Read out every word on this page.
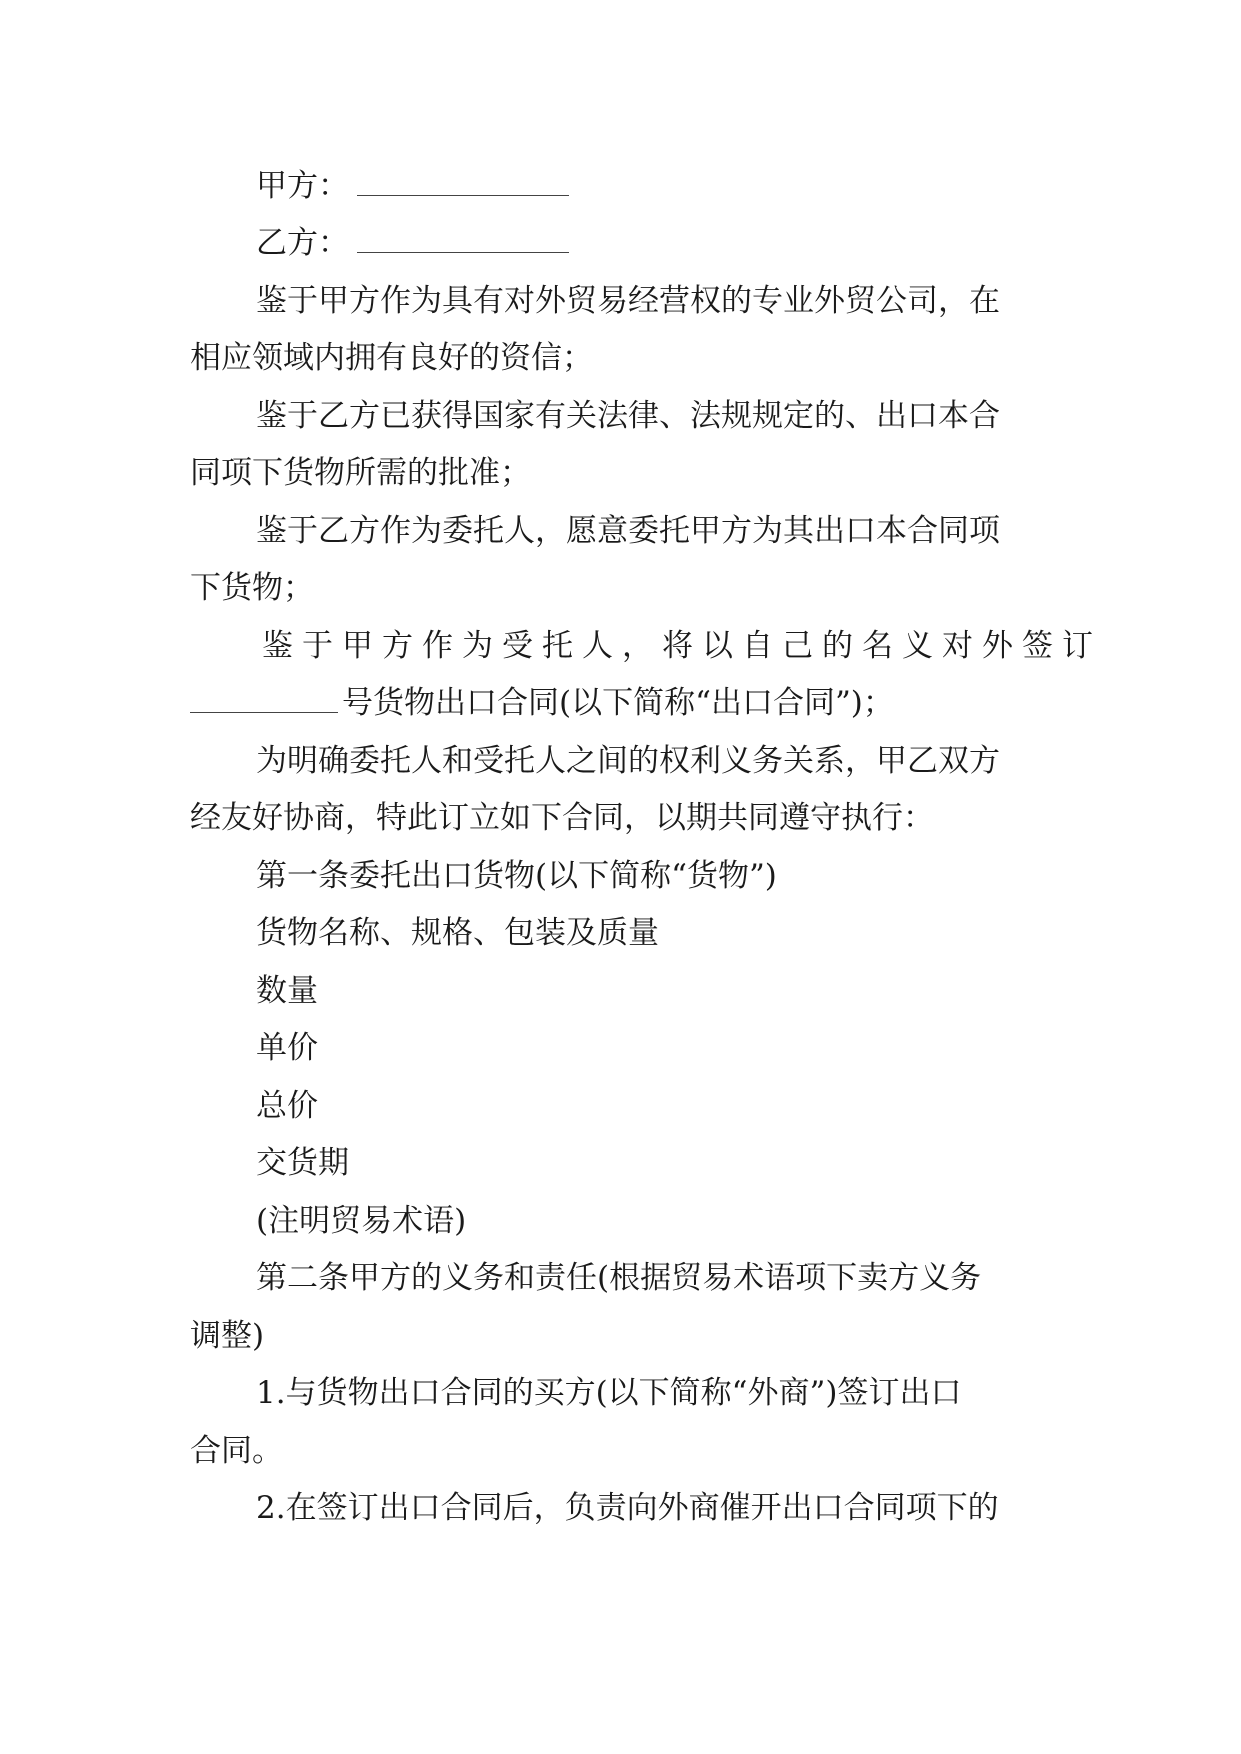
甲方：
乙方：
鉴于甲方作为具有对外贸易经营权的专业外贸公司，在
相应领域内拥有良好的资信；
鉴于乙方已获得国家有关法律、法规规定的、出口本合
同项下货物所需的批准；
鉴于乙方作为委托人，愿意委托甲方为其出口本合同项
下货物；
鉴于甲方作为受托人，将以自己的名义对外签订
号货物出口合同(以下简称“出口合同”)；
为明确委托人和受托人之间的权利义务关系，甲乙双方
经友好协商，特此订立如下合同，以期共同遵守执行：
第一条委托出口货物(以下简称“货物”)
货物名称、规格、包装及质量
数量
单价
总价
交货期
(注明贸易术语)
第二条甲方的义务和责任(根据贸易术语项下卖方义务
调整)
1.与货物出口合同的买方(以下简称“外商”)签订出口
合同。
2.在签订出口合同后，负责向外商催开出口合同项下的
